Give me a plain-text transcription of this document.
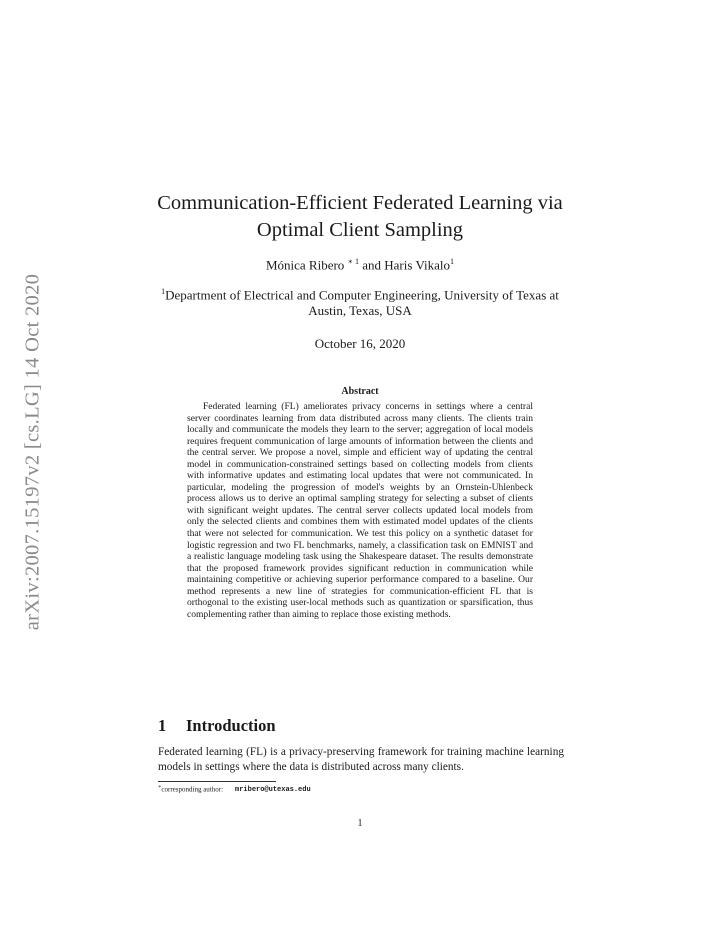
arXiv:2007.15197v2 [cs.LG] 14 Oct 2020
Communication-Efficient Federated Learning via
Optimal Client Sampling
Mónica Ribero $^{∗ 1}$ and Haris Vikalo$^1$
$^1$Department of Electrical and Computer Engineering, University of Texas at Austin, Texas, USA
October 16, 2020
Abstract
Federated learning (FL) ameliorates privacy concerns in settings where a central server coordinates learning from data distributed across many clients. The clients train locally and communicate the models they learn to the server; aggregation of local models requires frequent communication of large amounts of information between the clients and the central server. We propose a novel, simple and efficient way of updating the central model in communication-constrained settings based on collecting models from clients with informative updates and estimating local updates that were not communicated. In particular, modeling the progression of model's weights by an Ornstein-Uhlenbeck process allows us to derive an optimal sampling strategy for selecting a subset of clients with significant weight updates. The central server collects updated local models from only the selected clients and combines them with estimated model updates of the clients that were not selected for communication. We test this policy on a synthetic dataset for logistic regression and two FL benchmarks, namely, a classification task on EMNIST and a realistic language modeling task using the Shakespeare dataset. The results demonstrate that the proposed framework provides significant reduction in communication while maintaining competitive or achieving superior performance compared to a baseline. Our method represents a new line of strategies for communication-efficient FL that is orthogonal to the existing user-local methods such as quantization or sparsification, thus complementing rather than aiming to replace those existing methods.
1 Introduction
Federated learning (FL) is a privacy-preserving framework for training machine learning models in settings where the data is distributed across many clients.
∗corresponding author: mribero@utexas.edu
1
